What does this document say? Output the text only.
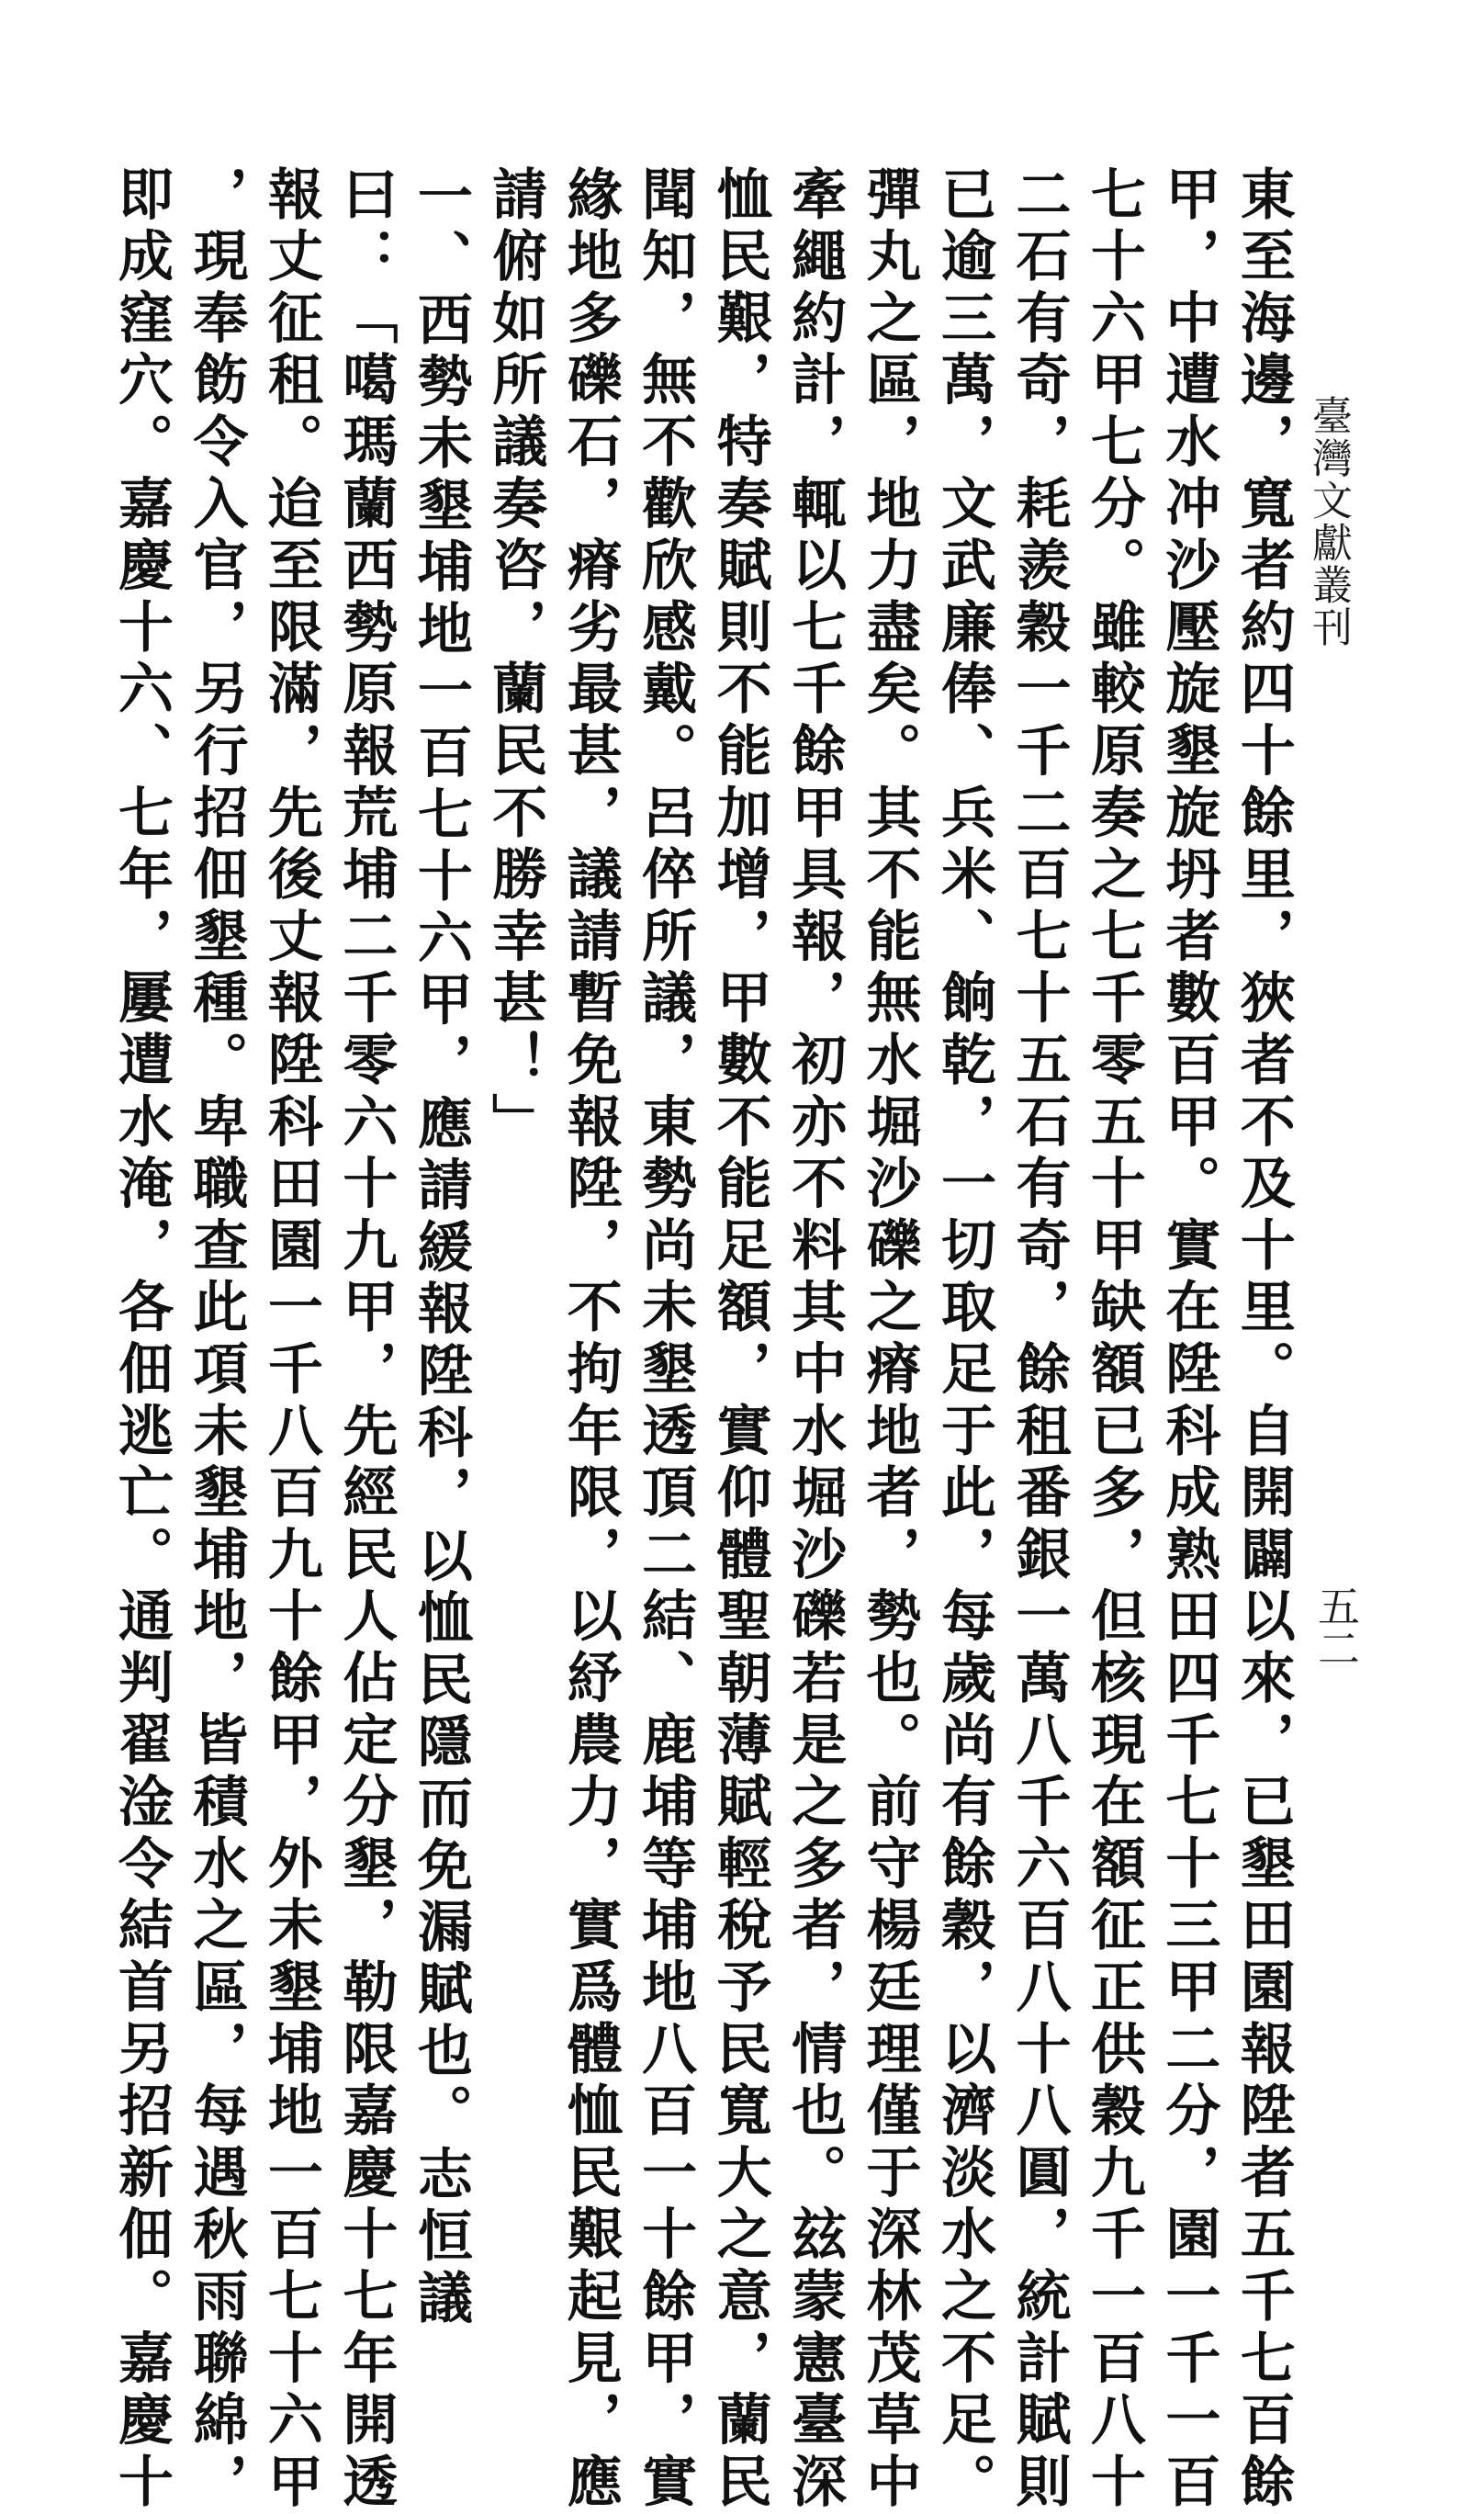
臺灣文獻叢刊
五二
東至海邊，寬者約四十餘里，狹者不及十里。自開闢以來，已墾田園報陞者五千七百餘
甲，中遭水冲沙壓旋墾旋坍者數百甲。實在陞科成熟田四千七十三甲二分，園一千一百
七十六甲七分。雖較原奏之七千零五十甲缺額已多，但核現在額征正供穀九千一百八十
二石有奇，耗羨穀一千二百七十五石有奇，餘租番銀一萬八千六百八十八圓，統計賦則
已逾三萬，文武廉俸、兵米、餉乾，一切取足于此，每歲尚有餘穀，以濟淡水之不足。
彈丸之區，地力盡矣。其不能無水堀沙礫之瘠地者，勢也。前守楊廷理僅于深林茂草中
牽繩約計，輒以七千餘甲具報，初亦不料其中水堀沙礫若是之多者，情也。玆蒙憲臺深
恤民艱，特奏賦則不能加增，甲數不能足額，實仰體聖朝薄賦輕稅予民寬大之意，蘭民
聞知，無不歡欣感戴。呂倅所議，東勢尚未墾透頂二結、鹿埔等埔地八百一十餘甲，實
緣地多礫石，瘠劣最甚，議請暫免報陞，不拘年限，以紓農力，實爲體恤民艱起見，應
請俯如所議奏咨，蘭民不勝幸甚！」
一、西勢未墾埔地一百七十六甲，應請緩報陞科，以恤民隱而免漏賦也。志恒議
曰：「噶瑪蘭西勢原報荒埔二千零六十九甲，先經民人佔定分墾，勒限嘉慶十七年開透
報丈征租。迨至限滿，先後丈報陞科田園一千八百九十餘甲，外未墾埔地一百七十六甲
，現奉飭令入官，另行招佃墾種。卑職查此項未墾埔地，皆積水之區，每遇秋雨聯綿，
即成窪穴。嘉慶十六、七年，屢遭水淹，各佃逃亡。通判翟淦令結首另招新佃。嘉慶十
